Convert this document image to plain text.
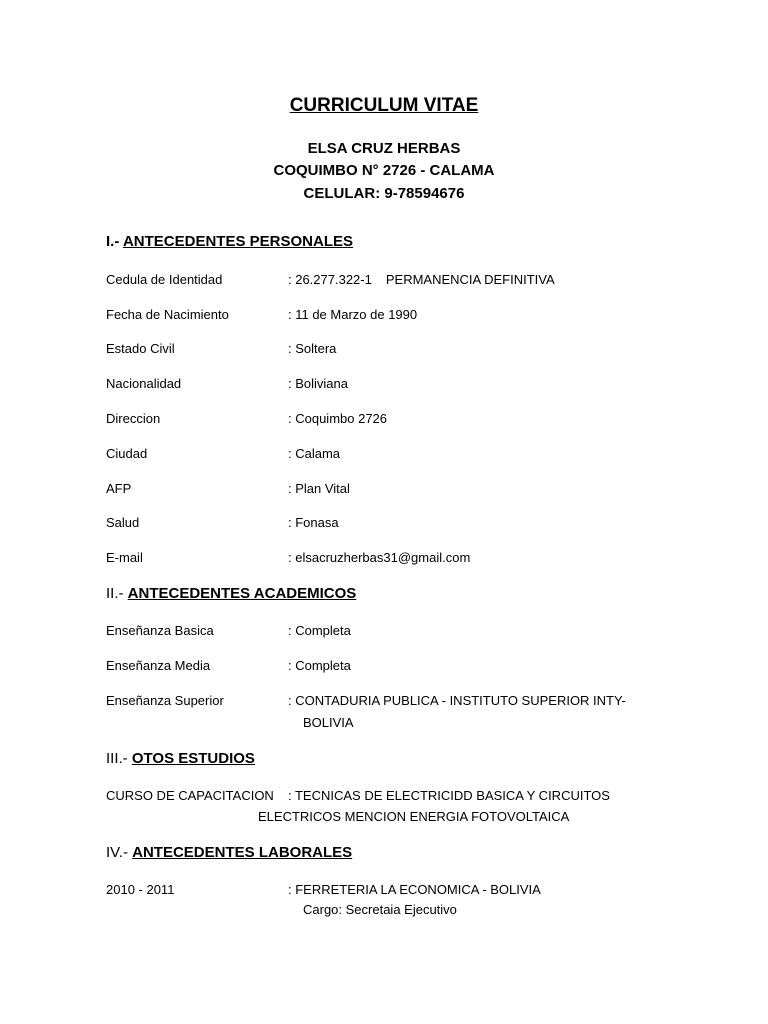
CURRICULUM VITAE
ELSA CRUZ HERBAS
COQUIMBO N° 2726 - CALAMA
CELULAR: 9-78594676
I.- ANTECEDENTES PERSONALES
Cedula de Identidad	: 26.277.322-1 PERMANENCIA DEFINITIVA
Fecha de Nacimiento	: 11 de Marzo de 1990
Estado Civil	: Soltera
Nacionalidad	: Boliviana
Direccion	: Coquimbo 2726
Ciudad	: Calama
AFP	: Plan Vital
Salud	: Fonasa
E-mail	: elsacruzherbas31@gmail.com
II.- ANTECEDENTES ACADEMICOS
Enseñanza Basica	: Completa
Enseñanza Media	: Completa
Enseñanza Superior	: CONTADURIA PUBLICA - INSTITUTO SUPERIOR INTY-
BOLIVIA
III.- OTOS ESTUDIOS
CURSO DE CAPACITACION : TECNICAS DE ELECTRICIDD BASICA Y CIRCUITOS
ELECTRICOS MENCION ENERGIA FOTOVOLTAICA
IV.- ANTECEDENTES LABORALES
2010 - 2011	: FERRETERIA LA ECONOMICA - BOLIVIA
Cargo: Secretaia Ejecutivo
